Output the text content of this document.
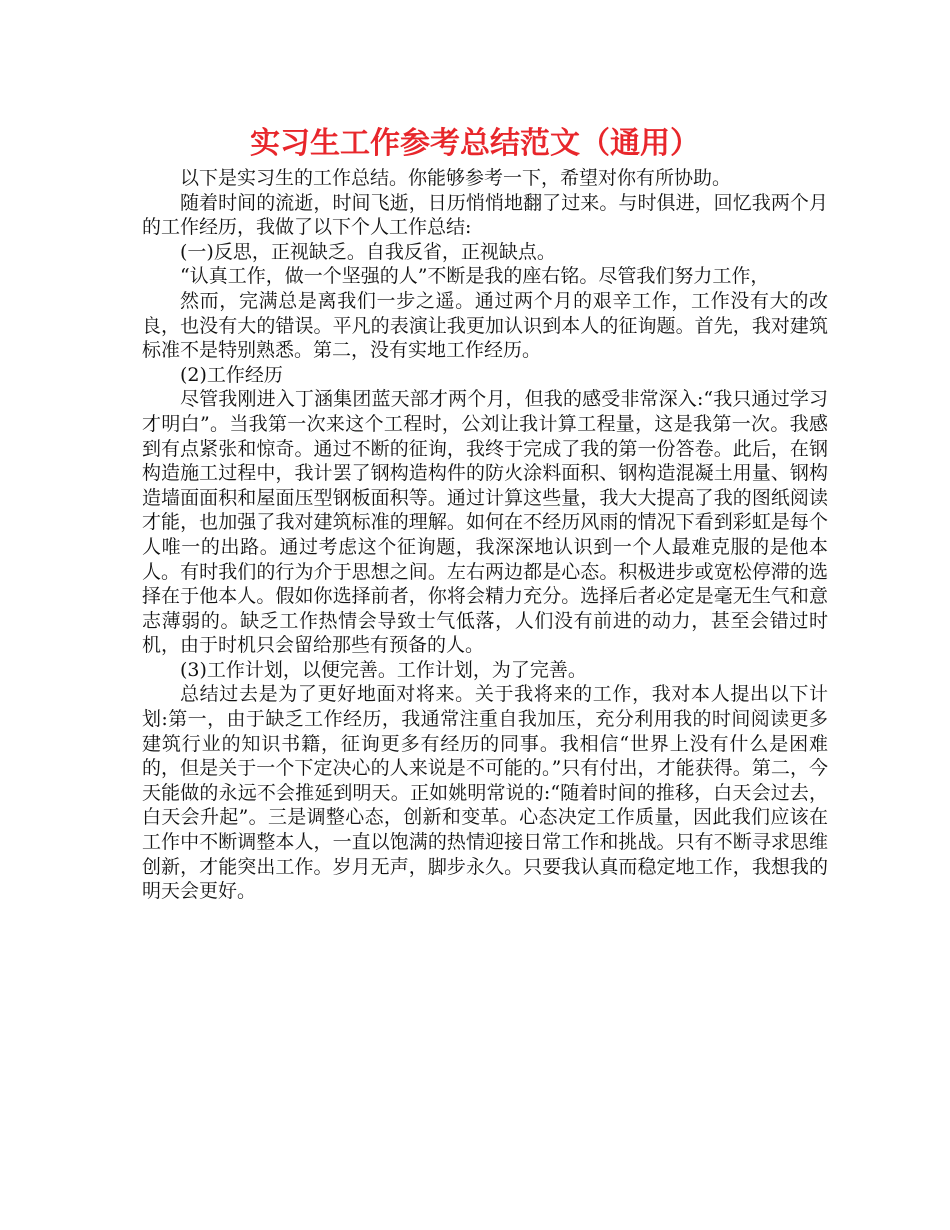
实习生工作参考总结范文（通用）

以下是实习生的工作总结。你能够参考一下，希望对你有所协助。

随着时间的流逝，时间飞逝，日历悄悄地翻了过来。与时俱进，回忆我两个月的工作经历，我做了以下个人工作总结:

(一)反思，正视缺乏。自我反省，正视缺点。

“认真工作，做一个坚强的人”不断是我的座右铭。尽管我们努力工作，

然而，完满总是离我们一步之遥。通过两个月的艰辛工作，工作没有大的改良，也没有大的错误。平凡的表演让我更加认识到本人的征询题。首先，我对建筑标准不是特别熟悉。第二，没有实地工作经历。

(2)工作经历

尽管我刚进入丁涵集团蓝天部才两个月，但我的感受非常深入:“我只通过学习才明白”。当我第一次来这个工程时，公刘让我计算工程量，这是我第一次。我感到有点紧张和惊奇。通过不断的征询，我终于完成了我的第一份答卷。此后，在钢构造施工过程中，我计罢了钢构造构件的防火涂料面积、钢构造混凝土用量、钢构造墙面面积和屋面压型钢板面积等。通过计算这些量，我大大提高了我的图纸阅读才能，也加强了我对建筑标准的理解。如何在不经历风雨的情况下看到彩虹是每个人唯一的出路。通过考虑这个征询题，我深深地认识到一个人最难克服的是他本人。有时我们的行为介于思想之间。左右两边都是心态。积极进步或宽松停滞的选择在于他本人。假如你选择前者，你将会精力充分。选择后者必定是毫无生气和意志薄弱的。缺乏工作热情会导致士气低落，人们没有前进的动力，甚至会错过时机，由于时机只会留给那些有预备的人。

(3)工作计划，以便完善。工作计划，为了完善。

总结过去是为了更好地面对将来。关于我将来的工作，我对本人提出以下计划:第一，由于缺乏工作经历，我通常注重自我加压，充分利用我的时间阅读更多建筑行业的知识书籍，征询更多有经历的同事。我相信“世界上没有什么是困难的，但是关于一个下定决心的人来说是不可能的。”只有付出，才能获得。第二，今天能做的永远不会推延到明天。正如姚明常说的:“随着时间的推移，白天会过去，白天会升起”。三是调整心态，创新和变革。心态决定工作质量，因此我们应该在工作中不断调整本人，一直以饱满的热情迎接日常工作和挑战。只有不断寻求思维创新，才能突出工作。岁月无声，脚步永久。只要我认真而稳定地工作，我想我的明天会更好。
